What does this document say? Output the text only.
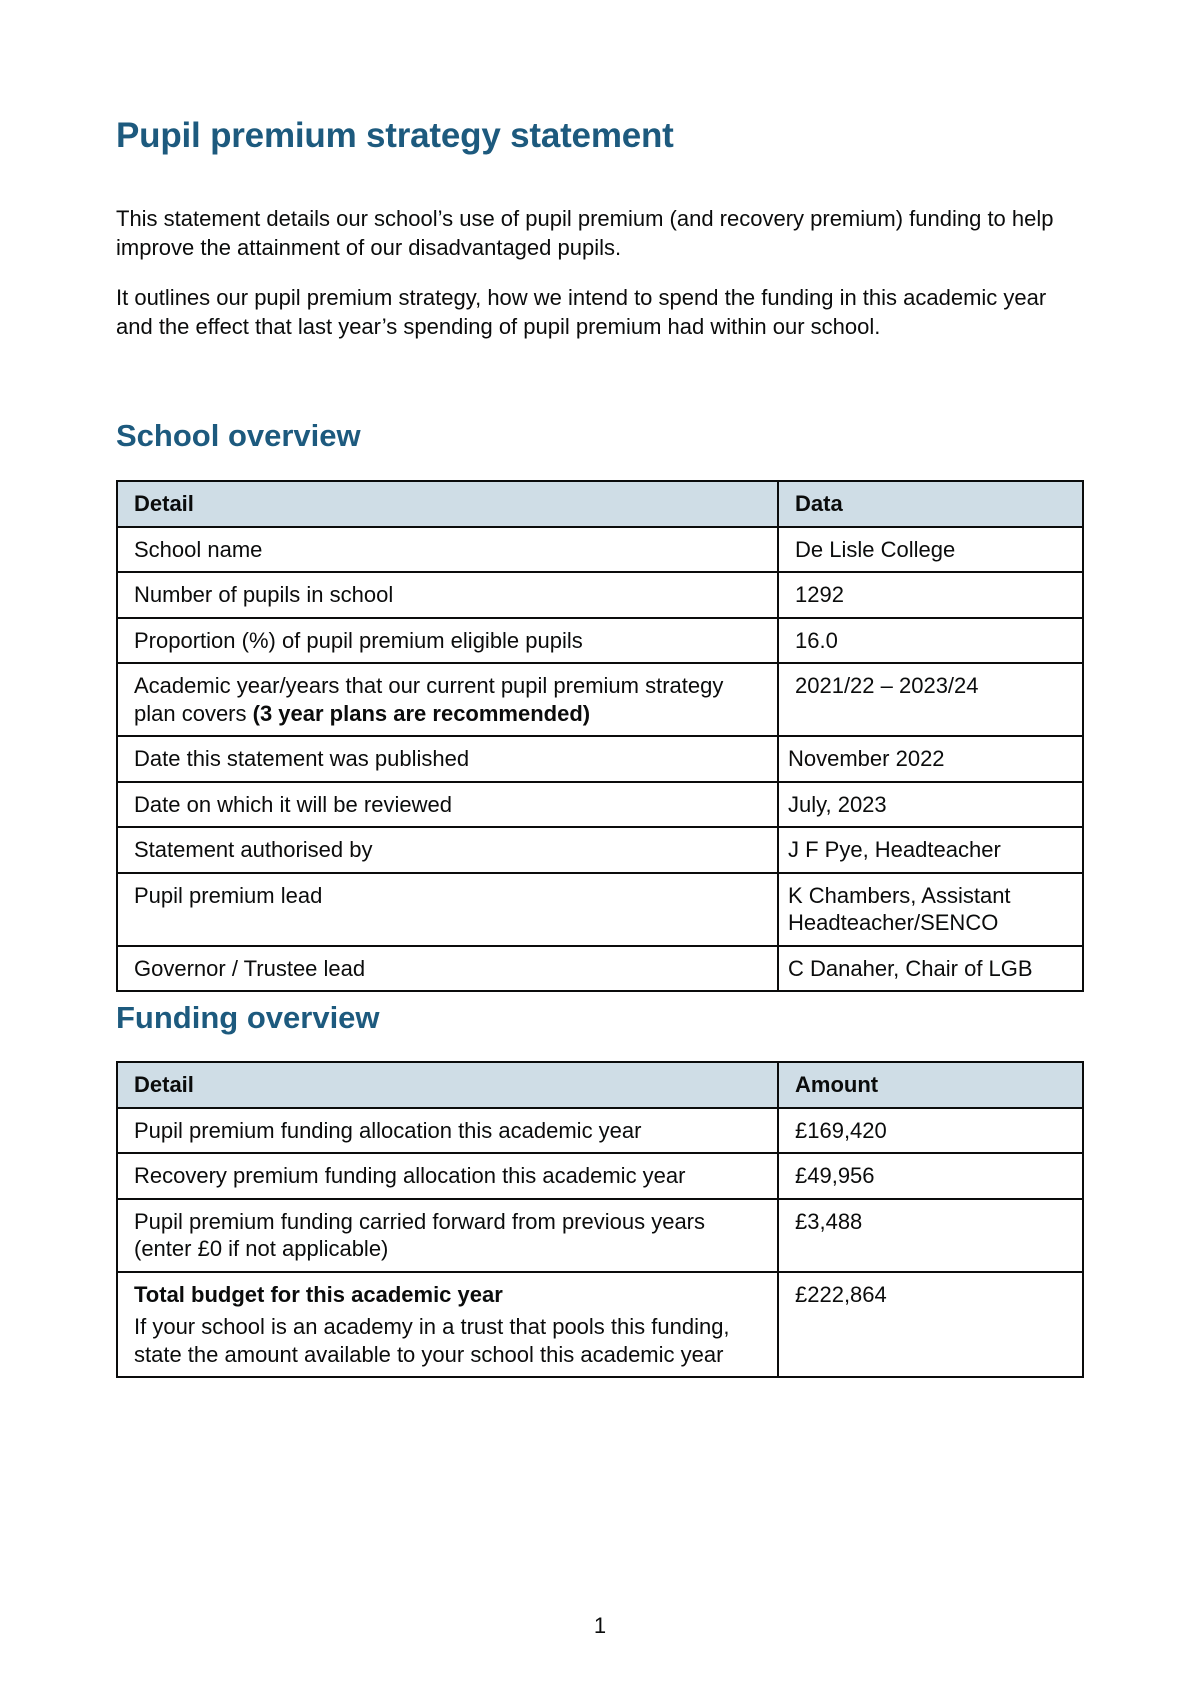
Pupil premium strategy statement

This statement details our school’s use of pupil premium (and recovery premium) funding to help improve the attainment of our disadvantaged pupils.

It outlines our pupil premium strategy, how we intend to spend the funding in this academic year and the effect that last year’s spending of pupil premium had within our school.

School overview
Detail	Data
School name	De Lisle College
Number of pupils in school	1292
Proportion (%) of pupil premium eligible pupils	16.0
Academic year/years that our current pupil premium strategy plan covers (3 year plans are recommended)	2021/22 – 2023/24
Date this statement was published	November 2022
Date on which it will be reviewed	July, 2023
Statement authorised by	J F Pye, Headteacher
Pupil premium lead	K Chambers, Assistant Headteacher/SENCO
Governor / Trustee lead	C Danaher, Chair of LGB
Funding overview
Detail	Amount
Pupil premium funding allocation this academic year	£169,420
Recovery premium funding allocation this academic year	£49,956
Pupil premium funding carried forward from previous years (enter £0 if not applicable)	£3,488
Total budget for this academic year
If your school is an academy in a trust that pools this funding, state the amount available to your school this academic year	£222,864
1
